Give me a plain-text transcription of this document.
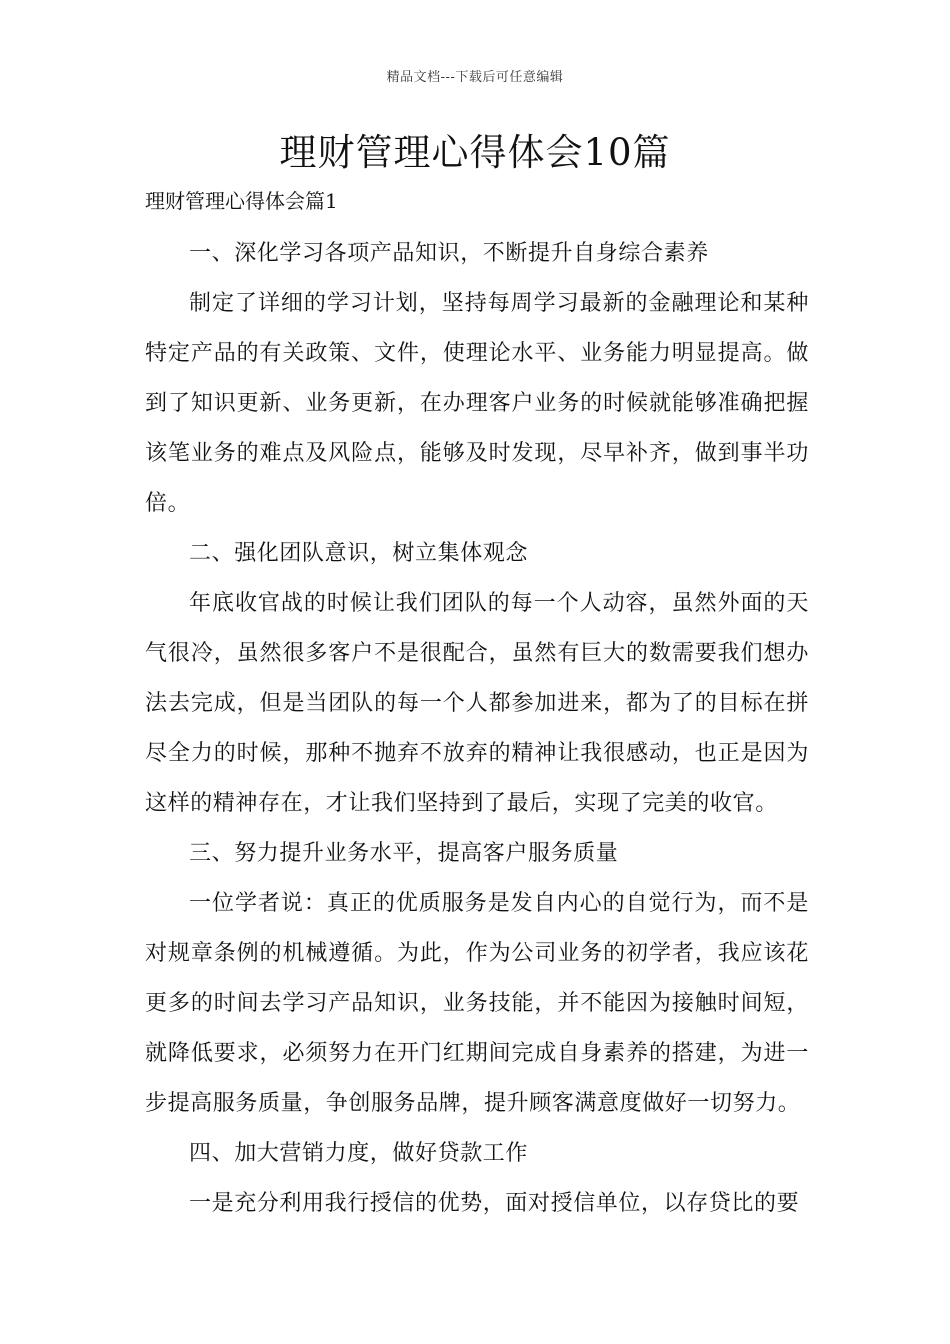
精品文档---下载后可任意编辑
理财管理心得体会10篇

理财管理心得体会篇1

一、深化学习各项产品知识，不断提升自身综合素养

制定了详细的学习计划，坚持每周学习最新的金融理论和某种特定产品的有关政策、文件，使理论水平、业务能力明显提高。做到了知识更新、业务更新，在办理客户业务的时候就能够准确把握该笔业务的难点及风险点，能够及时发现，尽早补齐，做到事半功倍。

二、强化团队意识，树立集体观念

年底收官战的时候让我们团队的每一个人动容，虽然外面的天气很冷，虽然很多客户不是很配合，虽然有巨大的数需要我们想办法去完成，但是当团队的每一个人都参加进来，都为了的目标在拼尽全力的时候，那种不抛弃不放弃的精神让我很感动，也正是因为这样的精神存在，才让我们坚持到了最后，实现了完美的收官。

三、努力提升业务水平，提高客户服务质量

一位学者说：真正的优质服务是发自内心的自觉行为，而不是对规章条例的机械遵循。为此，作为公司业务的初学者，我应该花更多的时间去学习产品知识，业务技能，并不能因为接触时间短，就降低要求，必须努力在开门红期间完成自身素养的搭建，为进一步提高服务质量，争创服务品牌，提升顾客满意度做好一切努力。

四、加大营销力度，做好贷款工作

一是充分利用我行授信的优势，面对授信单位，以存贷比的要
